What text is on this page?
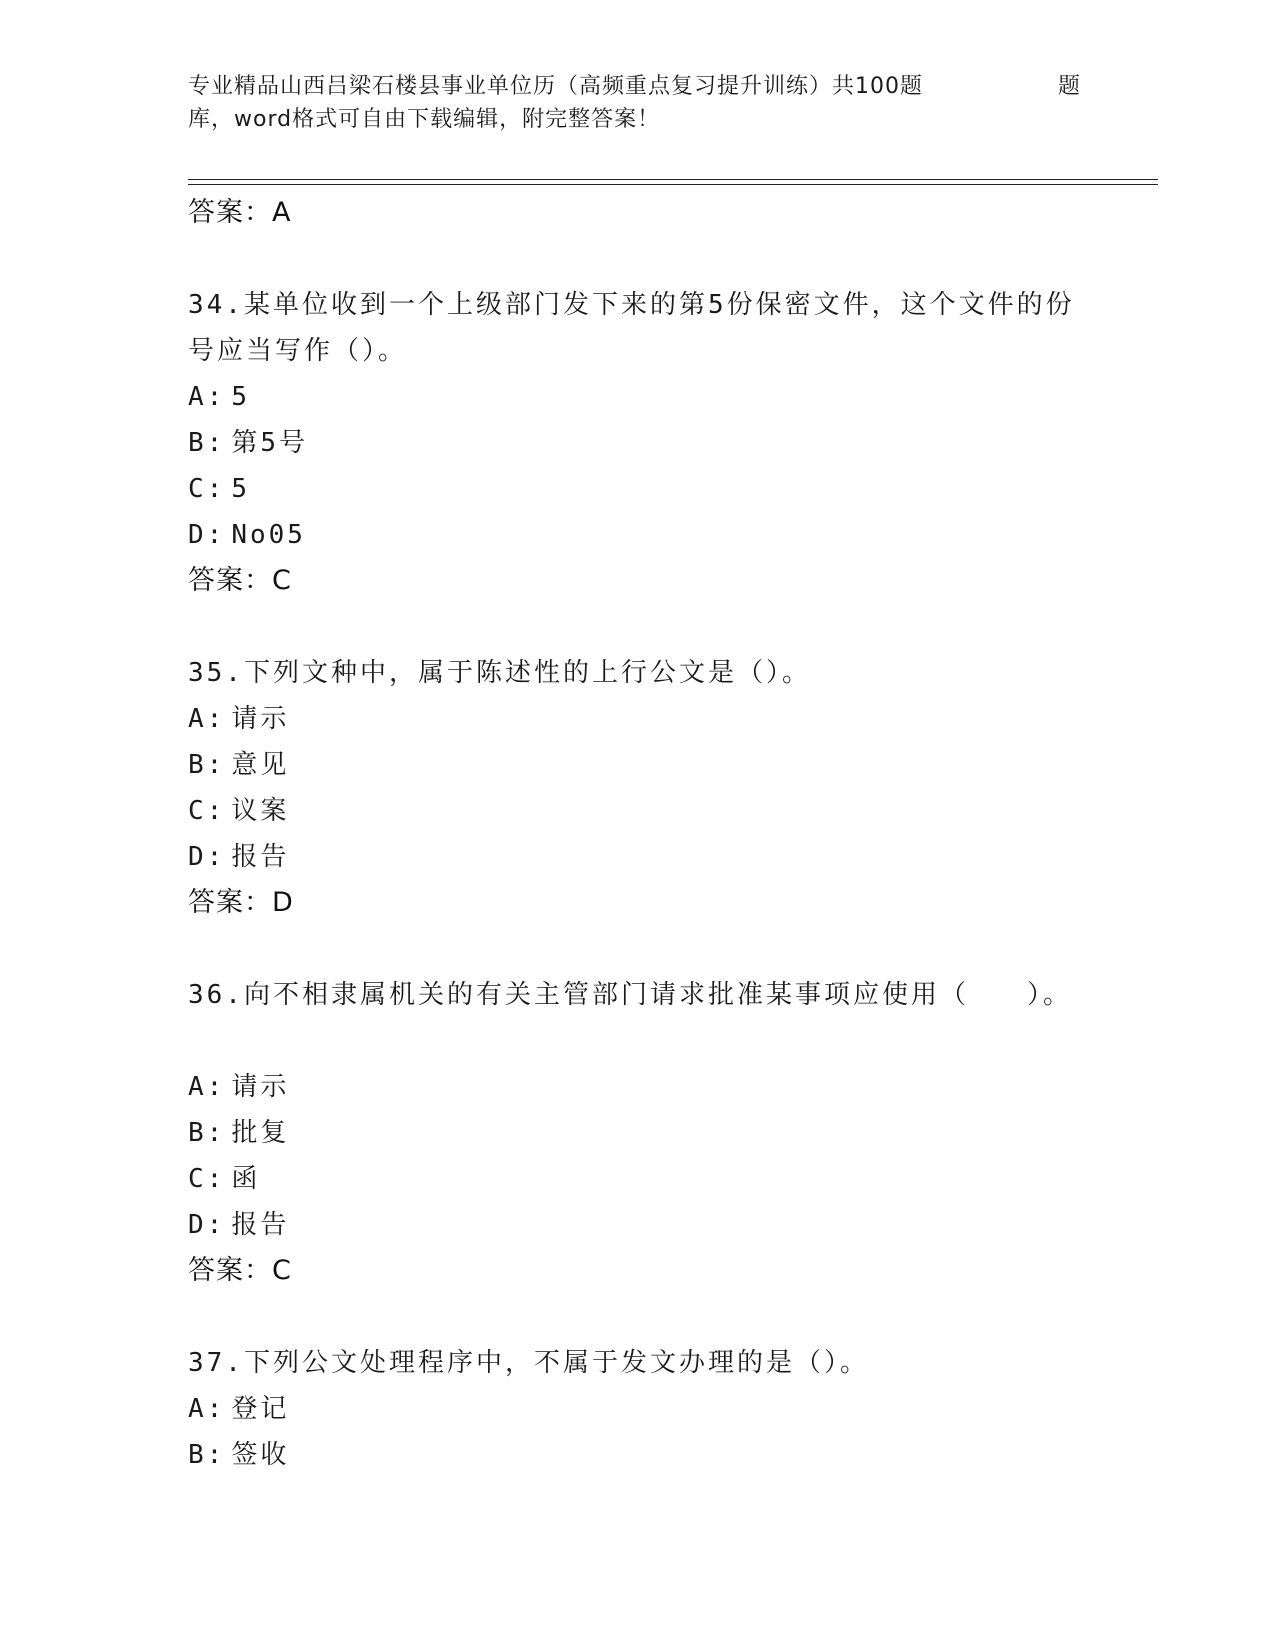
专业精品山西吕梁石楼县事业单位历（高频重点复习提升训练）共100题	题
库，word格式可自由下载编辑，附完整答案！
答案：A
34.某单位收到一个上级部门发下来的第5份保密文件，这个文件的份
号应当写作（）。
A: 5
B: 第5号
C: 5
D: No05
答案：C
35.下列文种中，属于陈述性的上行公文是（）。
A: 请示
B: 意见
C: 议案
D: 报告
答案：D
36.向不相隶属机关的有关主管部门请求批准某事项应使用（　　）。
A: 请示
B: 批复
C: 函
D: 报告
答案：C
37.下列公文处理程序中，不属于发文办理的是（）。
A: 登记
B: 签收
